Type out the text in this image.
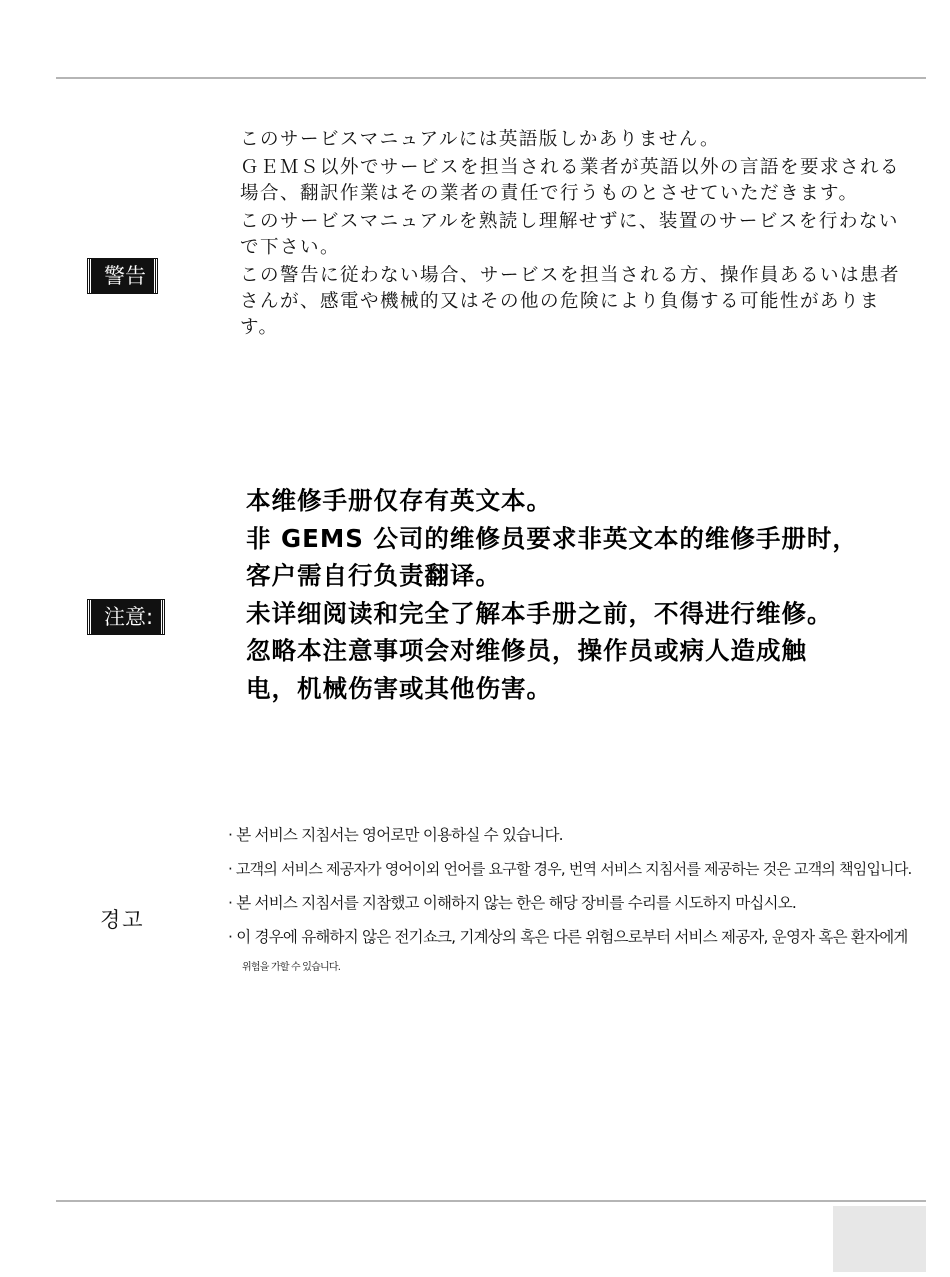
警告

このサービスマニュアルには英語版しかありません。

ＧＥＭＳ以外でサービスを担当される業者が英語以外の言語を要求される場合、翻訳作業はその業者の責任で行うものとさせていただきます。

このサービスマニュアルを熟読し理解せずに、装置のサービスを行わないで下さい。

この警告に従わない場合、サービスを担当される方、操作員あるいは患者さんが、感電や機械的又はその他の危険により負傷する可能性があります。

注意:

本维修手册仅存有英文本。

非 GEMS 公司的维修员要求非英文本的维修手册时，

客户需自行负责翻译。

未详细阅读和完全了解本手册之前，不得进行维修。

忽略本注意事项会对维修员，操作员或病人造成触

电，机械伤害或其他伤害。

경고

· 본 서비스 지침서는 영어로만 이용하실 수 있습니다.

· 고객의 서비스 제공자가 영어이외 언어를 요구할 경우, 번역 서비스 지침서를 제공하는 것은 고객의 책임입니다.

· 본 서비스 지침서를 지참했고 이해하지 않는 한은 해당 장비를 수리를 시도하지 마십시오.

· 이 경우에 유해하지 않은 전기쇼크, 기계상의 혹은 다른 위험으로부터 서비스 제공자, 운영자 혹은 환자에게

위험을 가할 수 있습니다.
